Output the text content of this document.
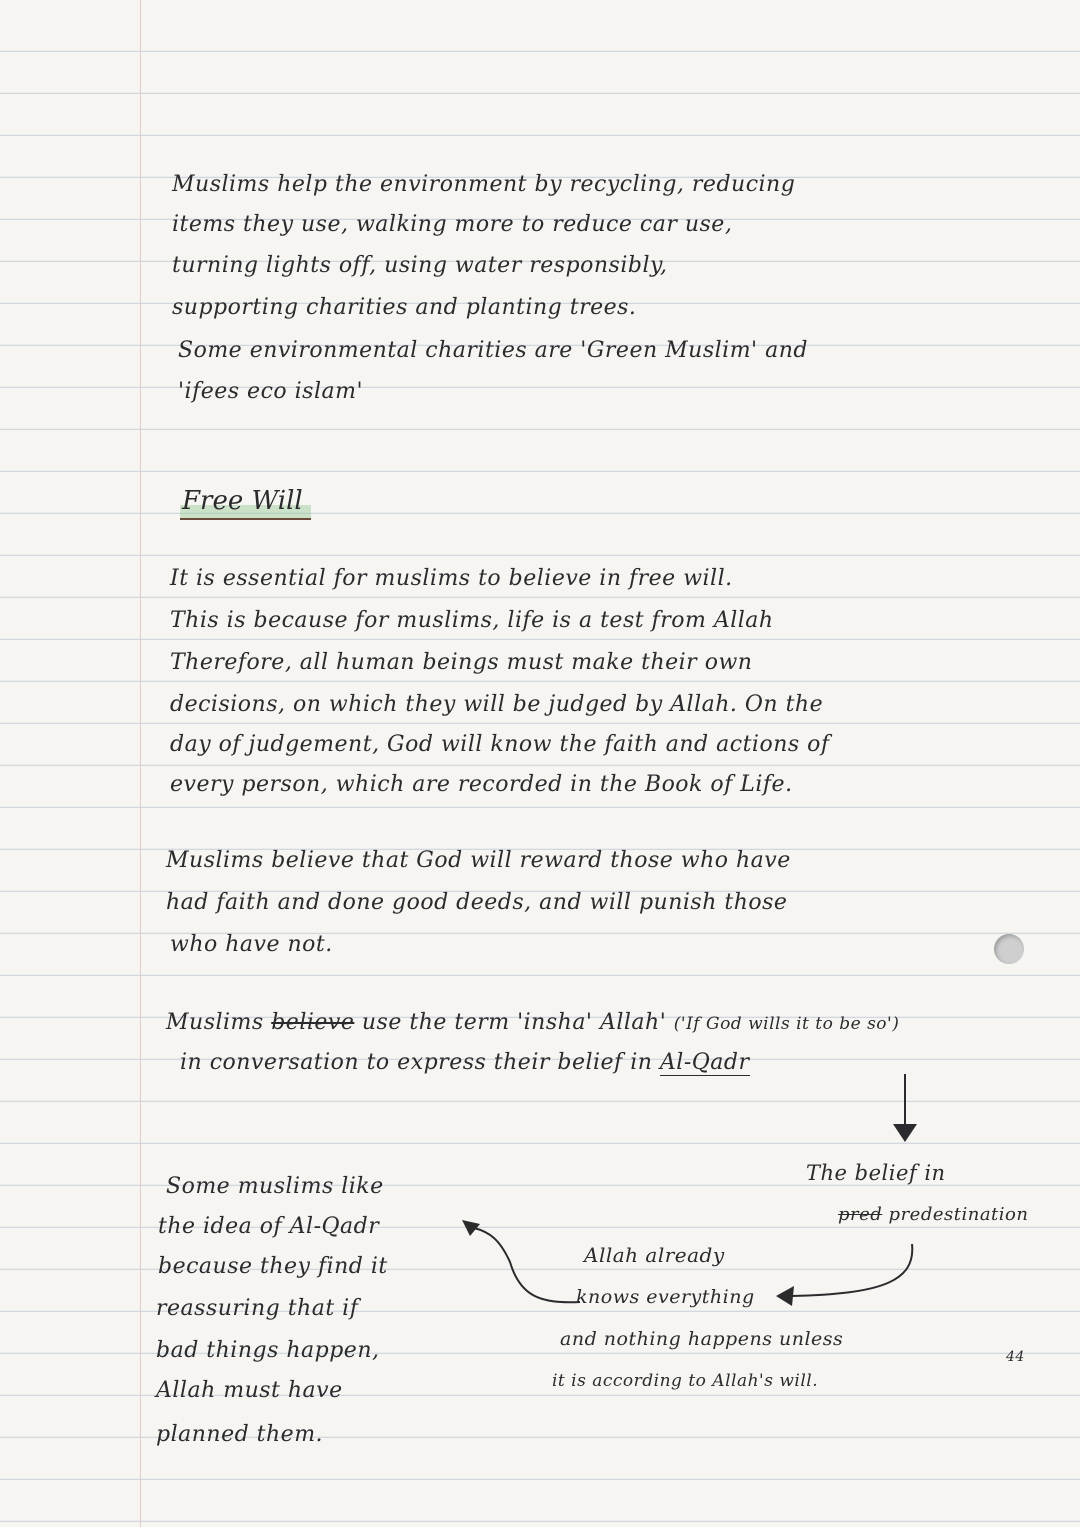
Muslims help the environment by recycling, reducing
items they use, walking more to reduce car use,
turning lights off, using water responsibly,
supporting charities and planting trees.
Some environmental charities are 'Green Muslim' and
'ifees eco islam'
Free Will
It is essential for muslims to believe in free will.
This is because for muslims, life is a test from Allah
Therefore, all human beings must make their own
decisions, on which they will be judged by Allah. On the
day of judgement, God will know the faith and actions of
every person, which are recorded in the Book of Life.
Muslims believe that God will reward those who have
had faith and done good deeds, and will punish those
who have not.
Muslims believe use the term 'insha' Allah' ('If God wills it to be so')
in conversation to express their belief in Al-Qadr
The belief in
pred predestination
Allah already
knows everything
and nothing happens unless
it is according to Allah's will.
Some muslims like
the idea of Al-Qadr
because they find it
reassuring that if
bad things happen,
Allah must have
planned them.
44
